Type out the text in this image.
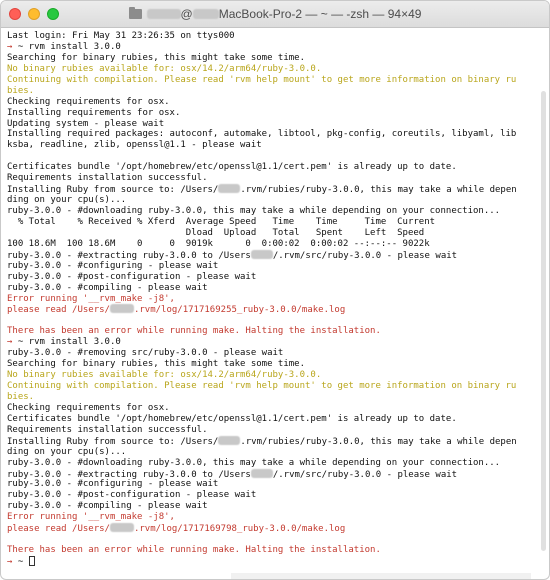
@ MacBook-Pro-2 — ~ — -zsh — 94×49
Last login: Fri May 31 23:26:35 on ttys000
→ ~ rvm install 3.0.0
Searching for binary rubies, this might take some time.
No binary rubies available for: osx/14.2/arm64/ruby-3.0.0.
Continuing with compilation. Please read 'rvm help mount' to get more information on binary ru
bies.
Checking requirements for osx.
Installing requirements for osx.
Updating system - please wait
Installing required packages: autoconf, automake, libtool, pkg-config, coreutils, libyaml, lib
ksba, readline, zlib, openssl@1.1 - please wait
Certificates bundle '/opt/homebrew/etc/openssl@1.1/cert.pem' is already up to date.
Requirements installation successful.
Installing Ruby from source to: /Users/ .rvm/rubies/ruby-3.0.0, this may take a while depen
ding on your cpu(s)...
ruby-3.0.0 - #downloading ruby-3.0.0, this may take a while depending on your connection...
% Total    % Received % Xferd  Average Speed   Time    Time     Time  Current
Dload  Upload   Total   Spent    Left  Speed
100 18.6M  100 18.6M    0     0  9019k      0  0:00:02  0:00:02 --:--:-- 9022k
ruby-3.0.0 - #extracting ruby-3.0.0 to /Users /.rvm/src/ruby-3.0.0 - please wait
ruby-3.0.0 - #configuring - please wait
ruby-3.0.0 - #post-configuration - please wait
ruby-3.0.0 - #compiling - please wait
Error running '__rvm_make -j8',
please read /Users/	.rvm/log/1717169255_ruby-3.0.0/make.log
There has been an error while running make. Halting the installation.
→ ~ rvm install 3.0.0
ruby-3.0.0 - #removing src/ruby-3.0.0 - please wait
Searching for binary rubies, this might take some time.
No binary rubies available for: osx/14.2/arm64/ruby-3.0.0.
Continuing with compilation. Please read 'rvm help mount' to get more information on binary ru
bies.
Checking requirements for osx.
Certificates bundle '/opt/homebrew/etc/openssl@1.1/cert.pem' is already up to date.
Requirements installation successful.
Installing Ruby from source to: /Users/ .rvm/rubies/ruby-3.0.0, this may take a while depen
ding on your cpu(s)...
ruby-3.0.0 - #downloading ruby-3.0.0, this may take a while depending on your connection...
ruby-3.0.0 - #extracting ruby-3.0.0 to /Users /.rvm/src/ruby-3.0.0 - please wait
ruby-3.0.0 - #configuring - please wait
ruby-3.0.0 - #post-configuration - please wait
ruby-3.0.0 - #compiling - please wait
Error running '__rvm_make -j8',
please read /Users/	.rvm/log/1717169798_ruby-3.0.0/make.log
There has been an error while running make. Halting the installation.
→ ~
